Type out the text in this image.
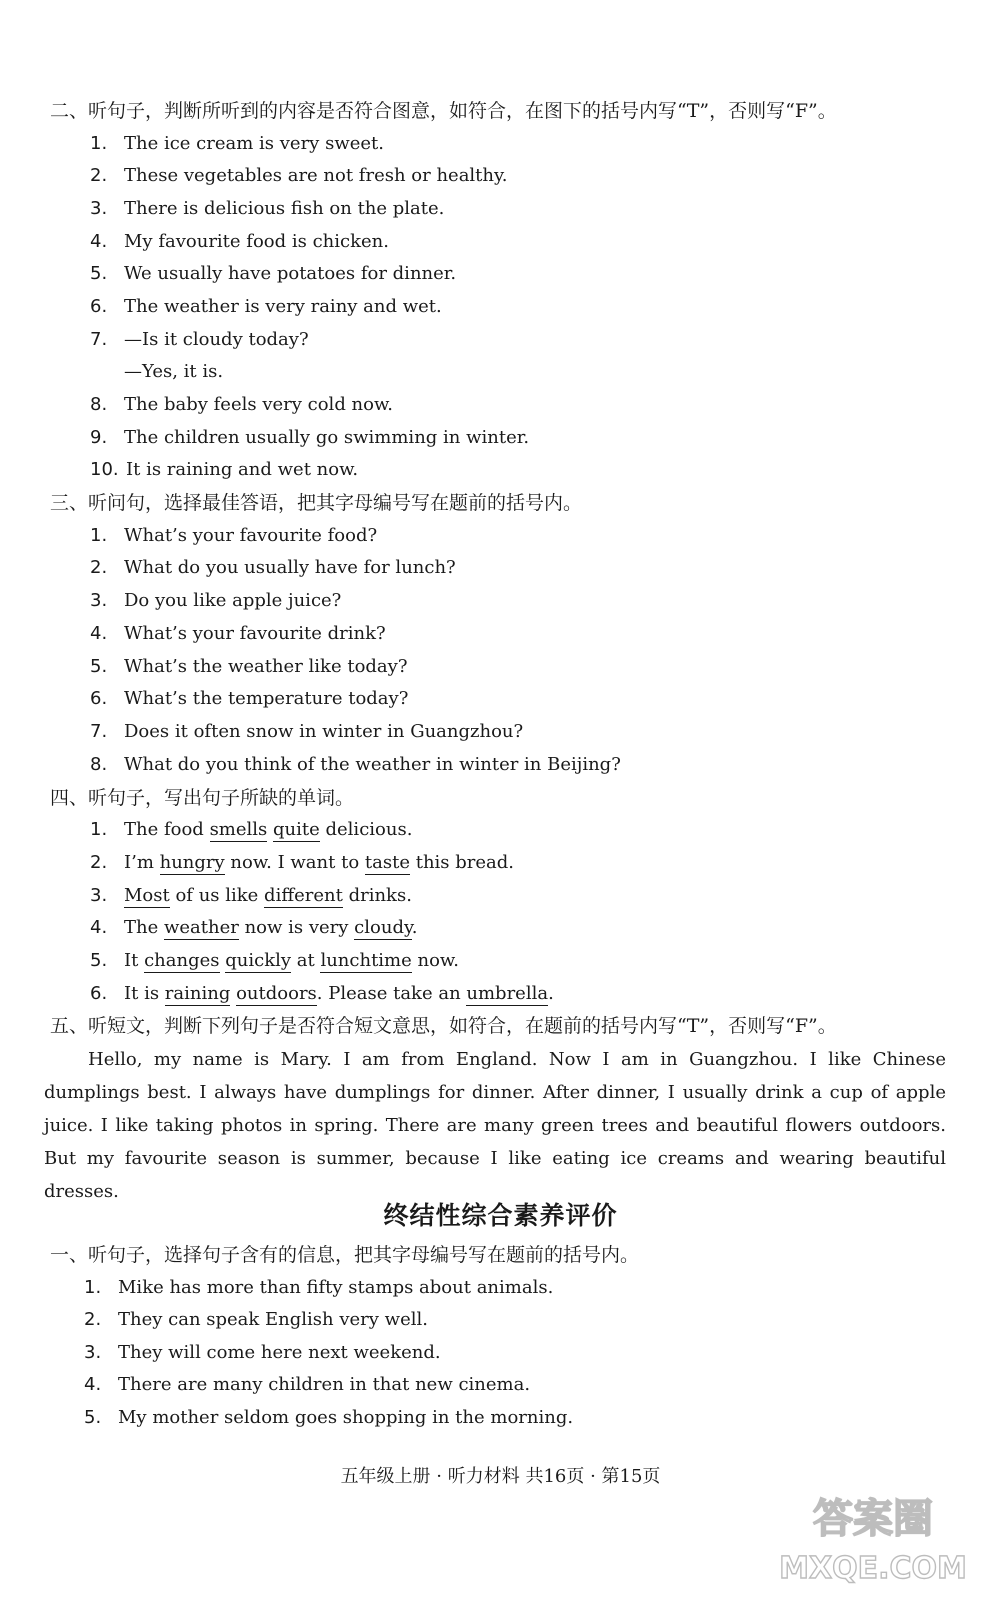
二、听句子，判断所听到的内容是否符合图意，如符合，在图下的括号内写“T”，否则写“F”。
1. The ice cream is very sweet.
2. These vegetables are not fresh or healthy.
3. There is delicious fish on the plate.
4. My favourite food is chicken.
5. We usually have potatoes for dinner.
6. The weather is very rainy and wet.
7. —Is it cloudy today?
—Yes, it is.
8. The baby feels very cold now.
9. The children usually go swimming in winter.
10. It is raining and wet now.
三、听问句，选择最佳答语，把其字母编号写在题前的括号内。
1. What’s your favourite food?
2. What do you usually have for lunch?
3. Do you like apple juice?
4. What’s your favourite drink?
5. What’s the weather like today?
6. What’s the temperature today?
7. Does it often snow in winter in Guangzhou?
8. What do you think of the weather in winter in Beijing?
四、听句子，写出句子所缺的单词。
1. The food smells quite delicious.
2. I’m hungry now. I want to taste this bread.
3. Most of us like different drinks.
4. The weather now is very cloudy.
5. It changes quickly at lunchtime now.
6. It is raining outdoors. Please take an umbrella.
五、听短文，判断下列句子是否符合短文意思，如符合，在题前的括号内写“T”，否则写“F”。

Hello, my name is Mary. I am from England. Now I am in Guangzhou. I like Chinese dumplings best. I always have dumplings for dinner. After dinner, I usually drink a cup of apple juice. I like taking photos in spring. There are many green trees and beautiful flowers outdoors. But my favourite season is summer, because I like eating ice creams and wearing beautiful dresses.

终结性综合素养评价
一、听句子，选择句子含有的信息，把其字母编号写在题前的括号内。
1. Mike has more than fifty stamps about animals.
2. They can speak English very well.
3. They will come here next weekend.
4. There are many children in that new cinema.
5. My mother seldom goes shopping in the morning.
五年级上册 · 听力材料 共16页 · 第15页
答案圈
MXQE.COM
